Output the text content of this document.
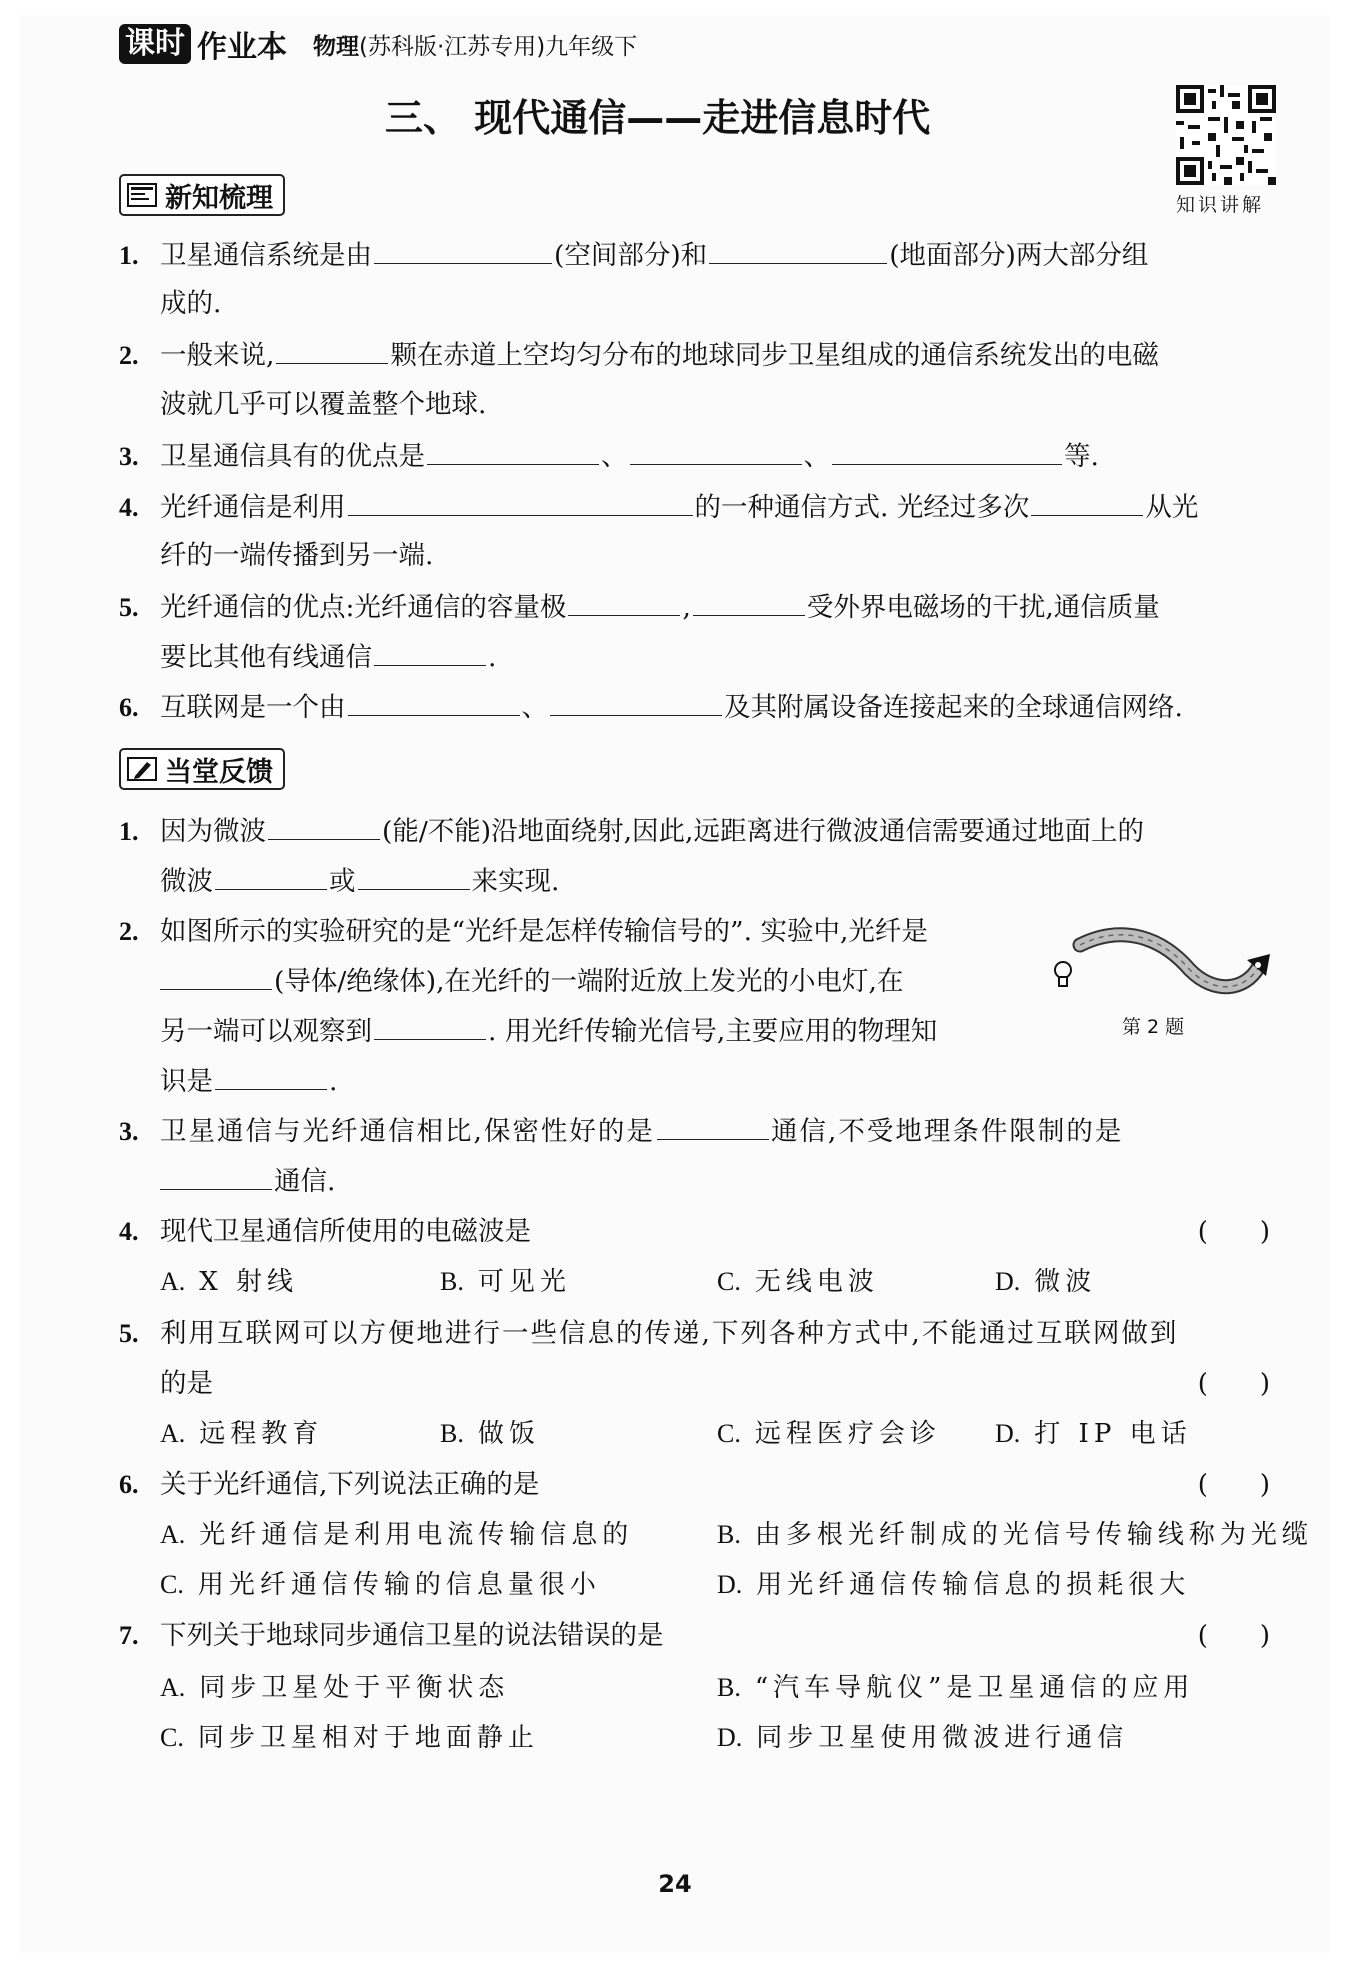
课时 作业本 物理 (苏科版·江苏专用)九年级下
三、 现代通信——走进信息时代
知识讲解
新知梳理
1. 卫星通信系统是由	(空间部分)和	(地面部分)两大部分组
成的.
2. 一般来说,	颗在赤道上空均匀分布的地球同步卫星组成的通信系统发出的电磁
波就几乎可以覆盖整个地球.
3. 卫星通信具有的优点是	、	、	等.
4. 光纤通信是利用	的一种通信方式. 光经过多次	从光
纤的一端传播到另一端.
5. 光纤通信的优点:光纤通信的容量极	,	受外界电磁场的干扰,通信质量
要比其他有线通信	.
6. 互联网是一个由	、	及其附属设备连接起来的全球通信网络.
当堂反馈
1. 因为微波	(能/不能)沿地面绕射,因此,远距离进行微波通信需要通过地面上的
微波	或	来实现.
2. 如图所示的实验研究的是“光纤是怎样传输信号的”. 实验中,光纤是
(导体/绝缘体),在光纤的一端附近放上发光的小电灯,在
另一端可以观察到	. 用光纤传输光信号,主要应用的物理知
识是	.
第 2 题
3. 卫星通信与光纤通信相比,保密性好的是	通信,不受地理条件限制的是
通信.
4. 现代卫星通信所使用的电磁波是	(　　)
A. X 射线	B. 可见光	C. 无线电波	D. 微波
5. 利用互联网可以方便地进行一些信息的传递,下列各种方式中,不能通过互联网做到
的是	(　　)
A. 远程教育	B. 做饭	C. 远程医疗会诊 D. 打 IP 电话
6. 关于光纤通信,下列说法正确的是	(　　)
A. 光纤通信是利用电流传输信息的	B. 由多根光纤制成的光信号传输线称为光缆
C. 用光纤通信传输的信息量很小	D. 用光纤通信传输信息的损耗很大
7. 下列关于地球同步通信卫星的说法错误的是	(　　)
A. 同步卫星处于平衡状态	B. “汽车导航仪”是卫星通信的应用
C. 同步卫星相对于地面静止	D. 同步卫星使用微波进行通信
24
